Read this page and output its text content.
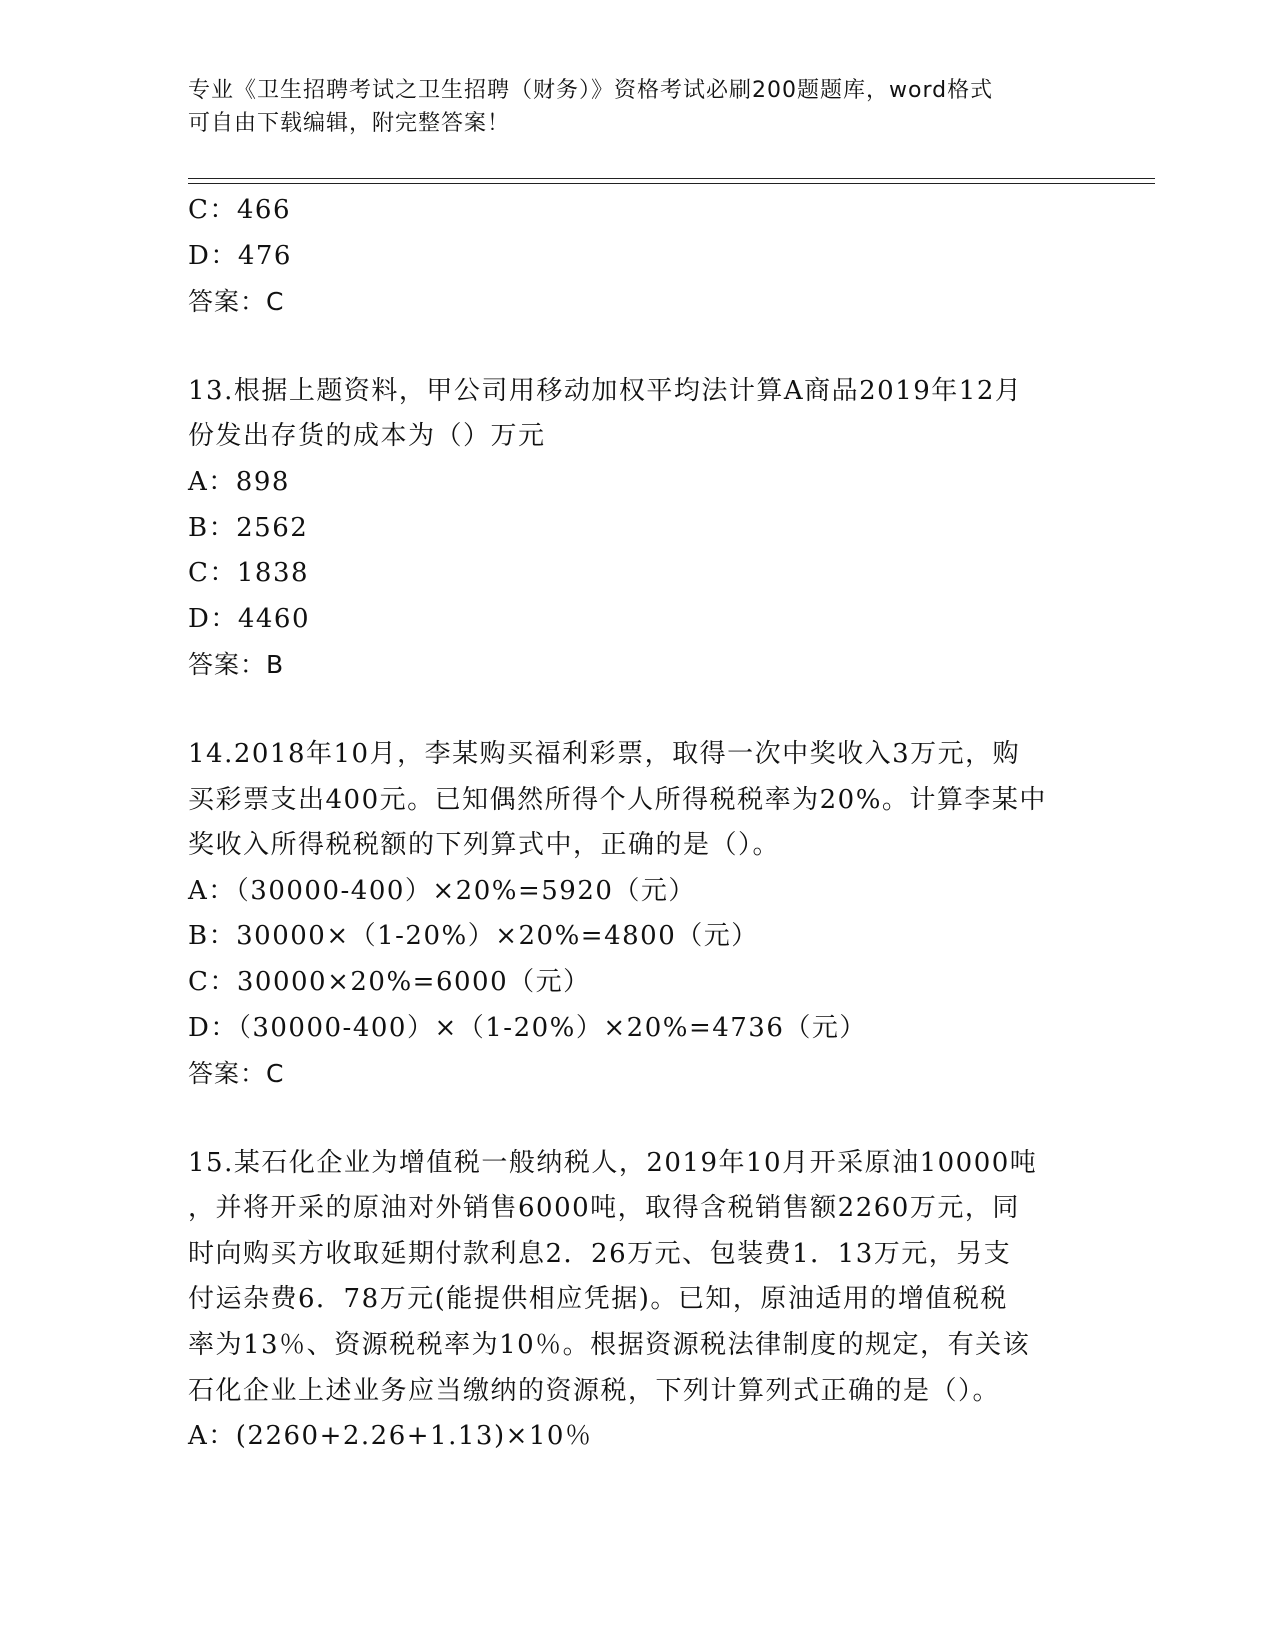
专业《卫生招聘考试之卫生招聘（财务）》资格考试必刷200题题库，word格式

可自由下载编辑，附完整答案！

C：466
D：476
答案：C
13.根据上题资料，甲公司用移动加权平均法计算A商品2019年12月
份发出存货的成本为（）万元
A：898
B：2562
C：1838
D：4460
答案：B
14.2018年10月，李某购买福利彩票，取得一次中奖收入3万元，购
买彩票支出400元。已知偶然所得个人所得税税率为20%。计算李某中
奖收入所得税税额的下列算式中，正确的是（）。
A：（30000-400）×20%=5920（元）
B：30000×（1-20%）×20%=4800（元）
C：30000×20%=6000（元）
D：（30000-400）×（1-20%）×20%=4736（元）
答案：C
15.某石化企业为增值税一般纳税人，2019年10月开采原油10000吨
，并将开采的原油对外销售6000吨，取得含税销售额2260万元，同
时向购买方收取延期付款利息2．26万元、包装费1．13万元，另支
付运杂费6．78万元(能提供相应凭据)。已知，原油适用的增值税税
率为13％、资源税税率为10％。根据资源税法律制度的规定，有关该
石化企业上述业务应当缴纳的资源税，下列计算列式正确的是（）。
A：(2260+2.26+1.13)×10％
